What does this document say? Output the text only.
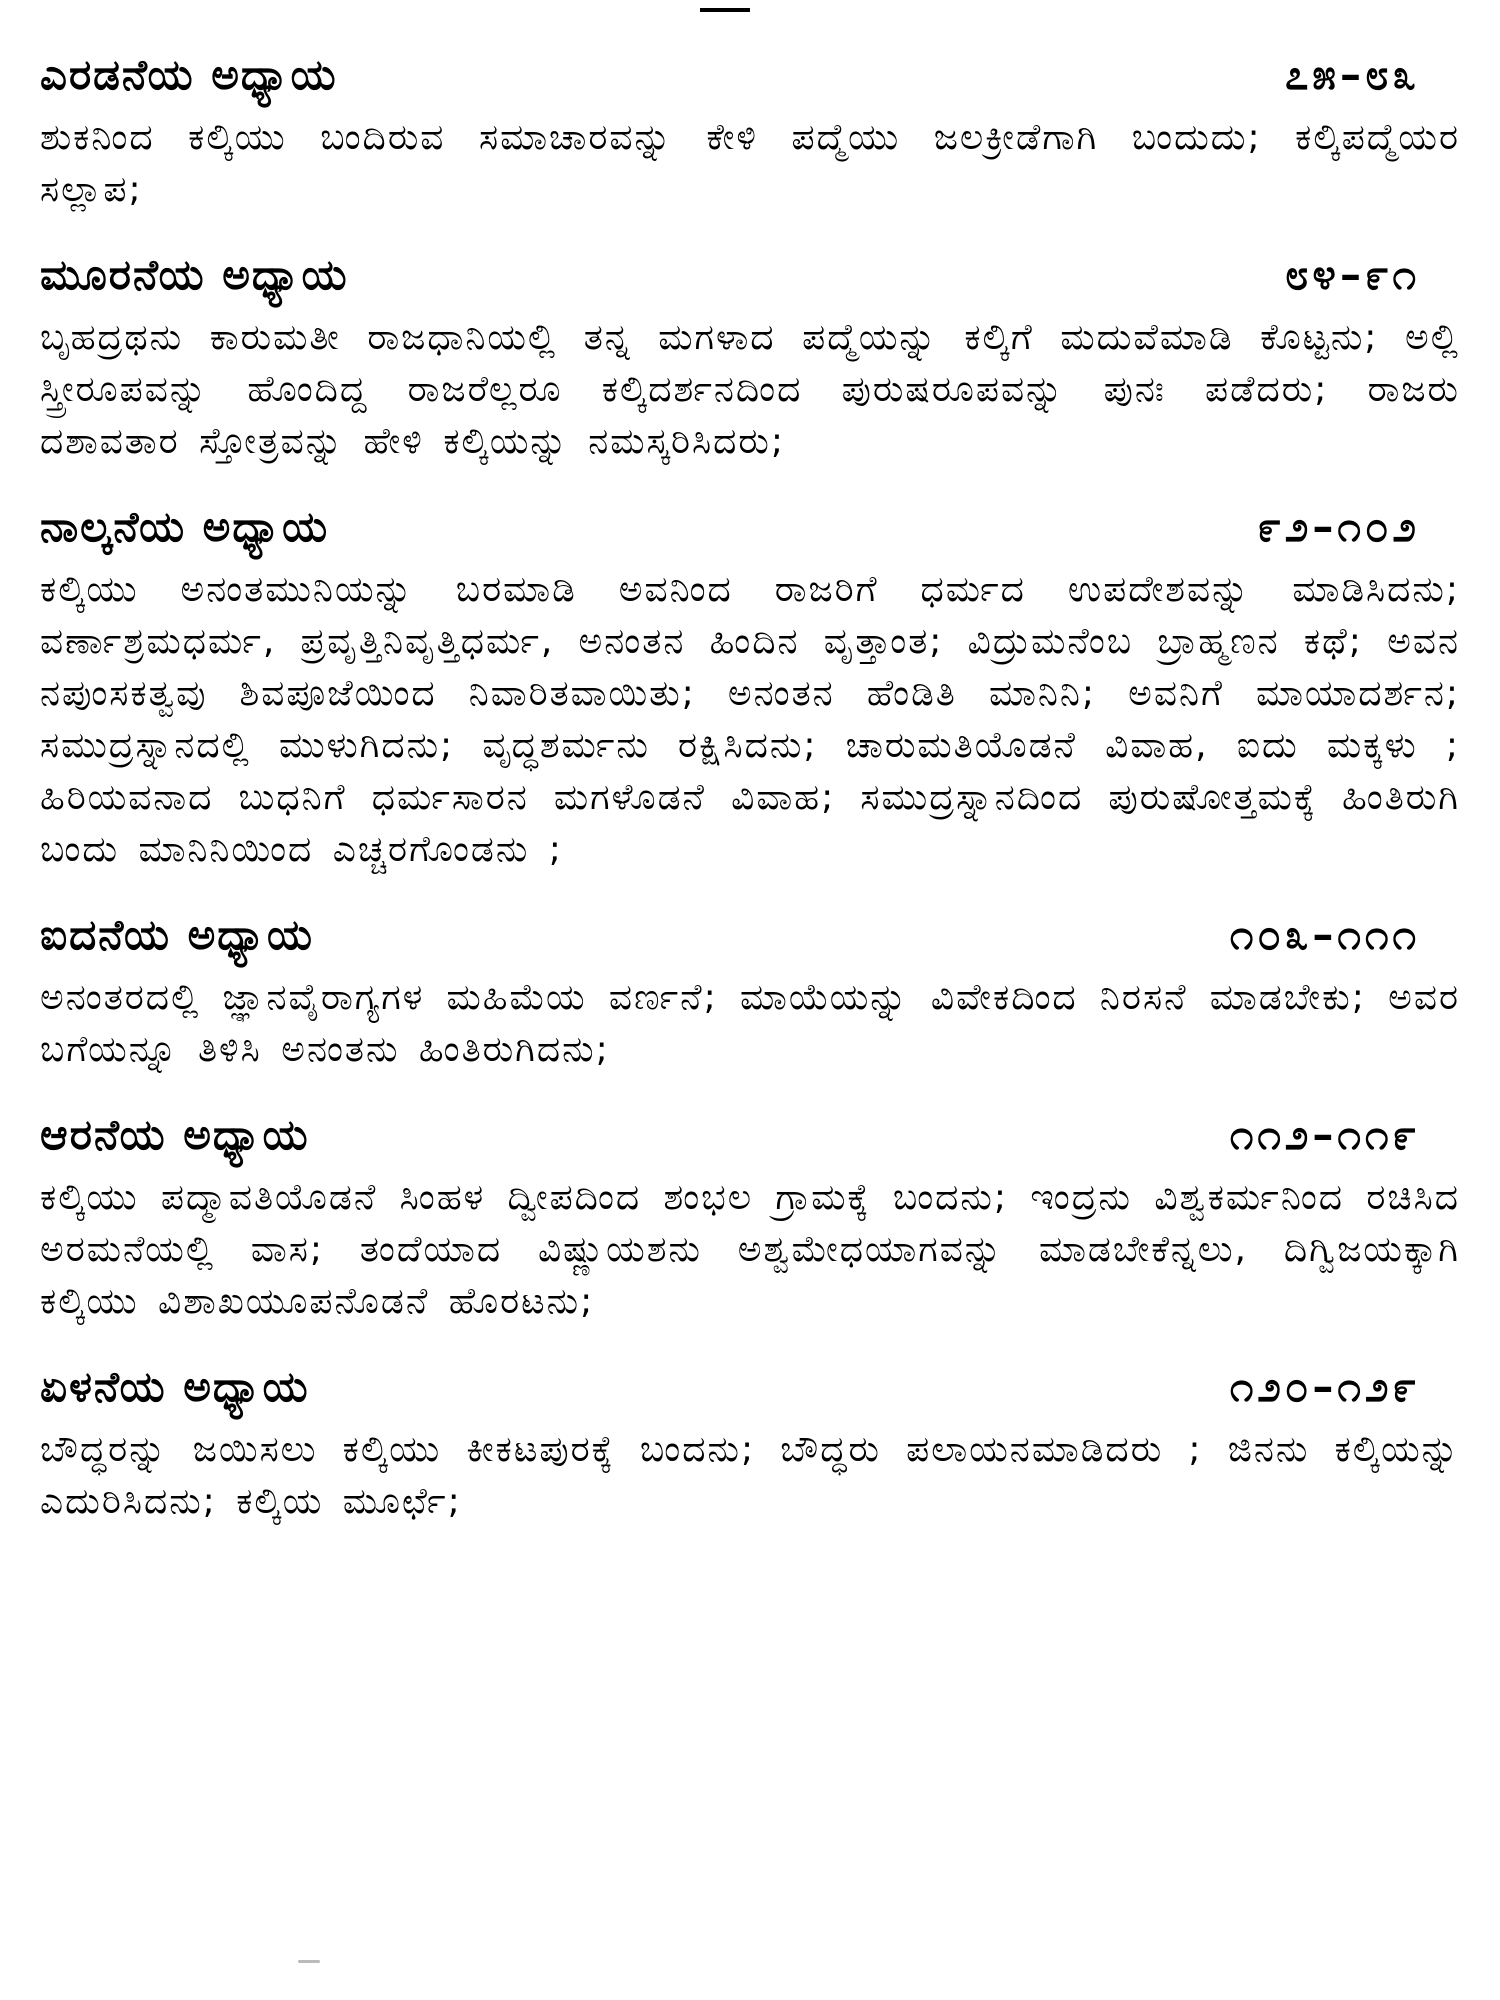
ಎರಡನೆಯ ಅಧ್ಯಾಯ	೭೫–೮೩
ಶುಕನಿಂದ ಕಲ್ಕಿಯು ಬಂದಿರುವ ಸಮಾಚಾರವನ್ನು ಕೇಳಿ ಪದ್ಮೆಯು ಜಲಕ್ರೀಡೆಗಾಗಿ ಬಂದುದು; ಕಲ್ಕಿಪದ್ಮೆಯರ ಸಲ್ಲಾಪ;
ಮೂರನೆಯ ಅಧ್ಯಾಯ	೮೪–೯೧
ಬೃಹದ್ರಥನು ಕಾರುಮತೀ ರಾಜಧಾನಿಯಲ್ಲಿ ತನ್ನ ಮಗಳಾದ ಪದ್ಮೆಯನ್ನು ಕಲ್ಕಿಗೆ ಮದುವೆಮಾಡಿ ಕೊಟ್ಟನು; ಅಲ್ಲಿ ಸ್ತ್ರೀರೂಪವನ್ನು ಹೊಂದಿದ್ದ ರಾಜರೆಲ್ಲರೂ ಕಲ್ಕಿದರ್ಶನದಿಂದ ಪುರುಷರೂಪವನ್ನು ಪುನಃ ಪಡೆದರು; ರಾಜರು ದಶಾವತಾರ ಸ್ತೋತ್ರವನ್ನು ಹೇಳಿ ಕಲ್ಕಿಯನ್ನು ನಮಸ್ಕರಿಸಿದರು;
ನಾಲ್ಕನೆಯ ಅಧ್ಯಾಯ	೯೨–೧೦೨
ಕಲ್ಕಿಯು ಅನಂತಮುನಿಯನ್ನು ಬರಮಾಡಿ ಅವನಿಂದ ರಾಜರಿಗೆ ಧರ್ಮದ ಉಪದೇಶವನ್ನು ಮಾಡಿಸಿದನು; ವರ್ಣಾಶ್ರಮಧರ್ಮ, ಪ್ರವೃತ್ತಿನಿವೃತ್ತಿಧರ್ಮ, ಅನಂತನ ಹಿಂದಿನ ವೃತ್ತಾಂತ; ವಿದ್ರುಮನೆಂಬ ಬ್ರಾಹ್ಮಣನ ಕಥೆ; ಅವನ ನಪುಂಸಕತ್ವವು ಶಿವಪೂಜೆಯಿಂದ ನಿವಾರಿತವಾಯಿತು; ಅನಂತನ ಹೆಂಡಿತಿ ಮಾನಿನಿ; ಅವನಿಗೆ ಮಾಯಾದರ್ಶನ; ಸಮುದ್ರಸ್ನಾನದಲ್ಲಿ ಮುಳುಗಿದನು; ವೃದ್ಧಶರ್ಮನು ರಕ್ಷಿಸಿದನು; ಚಾರುಮತಿಯೊಡನೆ ವಿವಾಹ, ಐದು ಮಕ್ಕಳು ; ಹಿರಿಯವನಾದ ಬುಧನಿಗೆ ಧರ್ಮಸಾರನ ಮಗಳೊಡನೆ ವಿವಾಹ; ಸಮುದ್ರಸ್ನಾನದಿಂದ ಪುರುಷೋತ್ತಮಕ್ಕೆ ಹಿಂತಿರುಗಿ ಬಂದು ಮಾನಿನಿಯಿಂದ ಎಚ್ಚರಗೊಂಡನು ;
ಐದನೆಯ ಅಧ್ಯಾಯ	೧೦೩–೧೧೧
ಅನಂತರದಲ್ಲಿ ಜ್ಞಾನವೈರಾಗ್ಯಗಳ ಮಹಿಮೆಯ ವರ್ಣನೆ; ಮಾಯೆಯನ್ನು ವಿವೇಕದಿಂದ ನಿರಸನೆ ಮಾಡಬೇಕು; ಅವರ ಬಗೆಯನ್ನೂ ತಿಳಿಸಿ ಅನಂತನು ಹಿಂತಿರುಗಿದನು;
ಆರನೆಯ ಅಧ್ಯಾಯ	೧೧೨–೧೧೯
ಕಲ್ಕಿಯು ಪದ್ಮಾವತಿಯೊಡನೆ ಸಿಂಹಳ ದ್ವೀಪದಿಂದ ಶಂಭಲ ಗ್ರಾಮಕ್ಕೆ ಬಂದನು; ಇಂದ್ರನು ವಿಶ್ವಕರ್ಮನಿಂದ ರಚಿಸಿದ ಅರಮನೆಯಲ್ಲಿ ವಾಸ; ತಂದೆಯಾದ ವಿಷ್ಣುಯಶನು ಅಶ್ವಮೇಧಯಾಗವನ್ನು ಮಾಡಬೇಕೆನ್ನಲು, ದಿಗ್ವಿಜಯಕ್ಕಾಗಿ ಕಲ್ಕಿಯು ವಿಶಾಖಯೂಪನೊಡನೆ ಹೊರಟನು;
ಏಳನೆಯ ಅಧ್ಯಾಯ	೧೨೦–೧೨೯
ಬೌದ್ಧರನ್ನು ಜಯಿಸಲು ಕಲ್ಕಿಯು ಕೀಕಟಪುರಕ್ಕೆ ಬಂದನು; ಬೌದ್ಧರು ಪಲಾಯನಮಾಡಿದರು ; ಜಿನನು ಕಲ್ಕಿಯನ್ನು ಎದುರಿಸಿದನು; ಕಲ್ಕಿಯ ಮೂರ್ಛೆ;
